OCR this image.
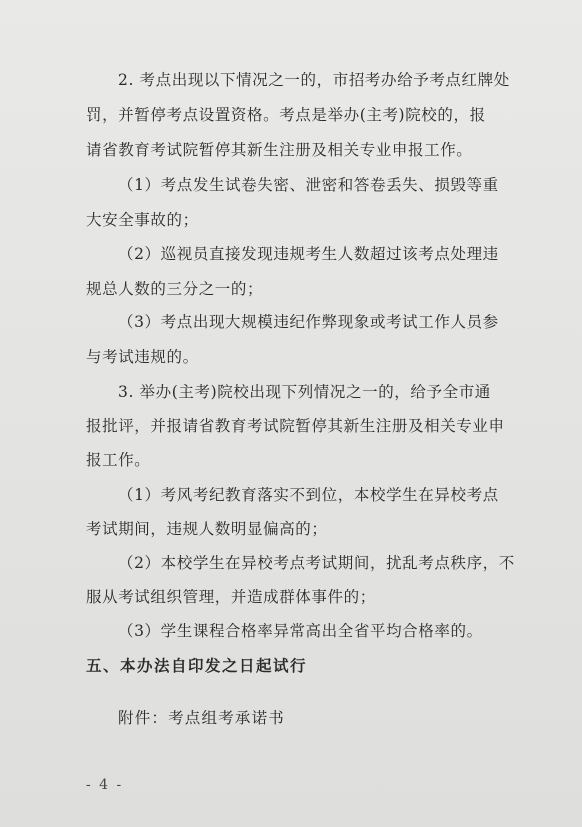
2. 考点出现以下情况之一的，市招考办给予考点红牌处
罚，并暂停考点设置资格。考点是举办(主考)院校的，报
请省教育考试院暂停其新生注册及相关专业申报工作。
（1）考点发生试卷失密、泄密和答卷丢失、损毁等重
大安全事故的；
（2）巡视员直接发现违规考生人数超过该考点处理违
规总人数的三分之一的；
（3）考点出现大规模违纪作弊现象或考试工作人员参
与考试违规的。
3. 举办(主考)院校出现下列情况之一的，给予全市通
报批评，并报请省教育考试院暂停其新生注册及相关专业申
报工作。
（1）考风考纪教育落实不到位，本校学生在异校考点
考试期间，违规人数明显偏高的；
（2）本校学生在异校考点考试期间，扰乱考点秩序，不
服从考试组织管理，并造成群体事件的；
（3）学生课程合格率异常高出全省平均合格率的。
五、本办法自印发之日起试行
附件：考点组考承诺书
- 4 -
